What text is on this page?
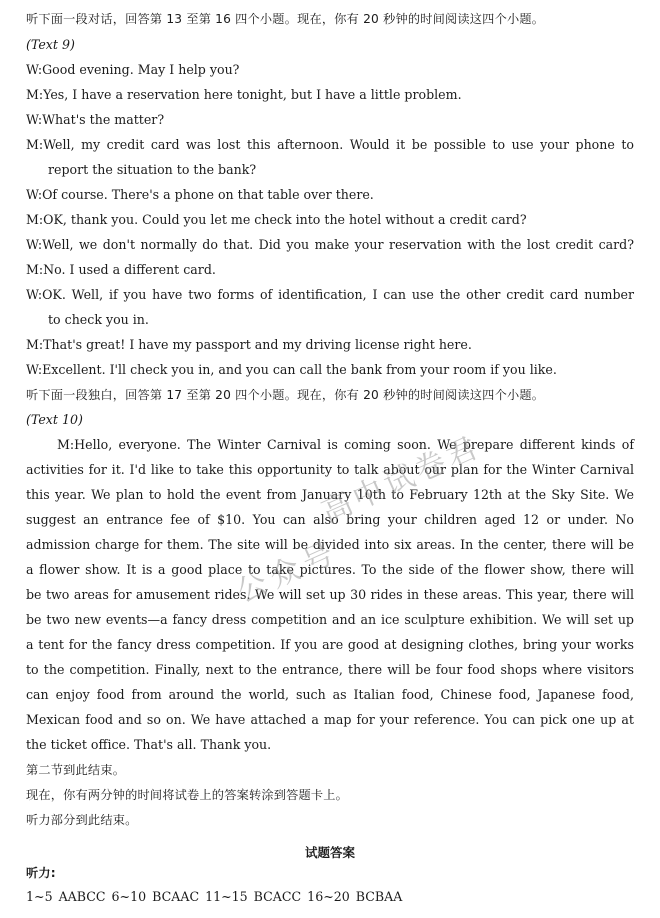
听下面一段对话，回答第 13 至第 16 四个小题。现在，你有 20 秒钟的时间阅读这四个小题。
(Text 9)
W:Good evening. May I help you?
M:Yes, I have a reservation here tonight, but I have a little problem.
W:What's the matter?
M:Well, my credit card was lost this afternoon. Would it be possible to use your phone to
report the situation to the bank?
W:Of course. There's a phone on that table over there.
M:OK, thank you. Could you let me check into the hotel without a credit card?
W:Well, we don't normally do that. Did you make your reservation with the lost credit card?
M:No. I used a different card.
W:OK. Well, if you have two forms of identification, I can use the other credit card number
to check you in.
M:That's great! I have my passport and my driving license right here.
W:Excellent. I'll check you in, and you can call the bank from your room if you like.
听下面一段独白，回答第 17 至第 20 四个小题。现在，你有 20 秒钟的时间阅读这四个小题。
(Text 10)
M:Hello, everyone. The Winter Carnival is coming soon. We prepare different kinds of
activities for it. I'd like to take this opportunity to talk about our plan for the Winter Carnival
this year. We plan to hold the event from January 10th to February 12th at the Sky Site. We
suggest an entrance fee of $10. You can also bring your children aged 12 or under. No
admission charge for them. The site will be divided into six areas. In the center, there will be
a flower show. It is a good place to take pictures. To the side of the flower show, there will
be two areas for amusement rides. We will set up 30 rides in these areas. This year, there will
be two new events—a fancy dress competition and an ice sculpture exhibition. We will set up
a tent for the fancy dress competition. If you are good at designing clothes, bring your works
to the competition. Finally, next to the entrance, there will be four food shops where visitors
can enjoy food from around the world, such as Italian food, Chinese food, Japanese food,
Mexican food and so on. We have attached a map for your reference. You can pick one up at
the ticket office. That's all. Thank you.
第二节到此结束。
现在，你有两分钟的时间将试卷上的答案转涂到答题卡上。
听力部分到此结束。
试题答案
听力:
1~5 AABCC 6~10 BCAAC 11~15 BCACC 16~20 BCBAA
公众号
高中试卷君
